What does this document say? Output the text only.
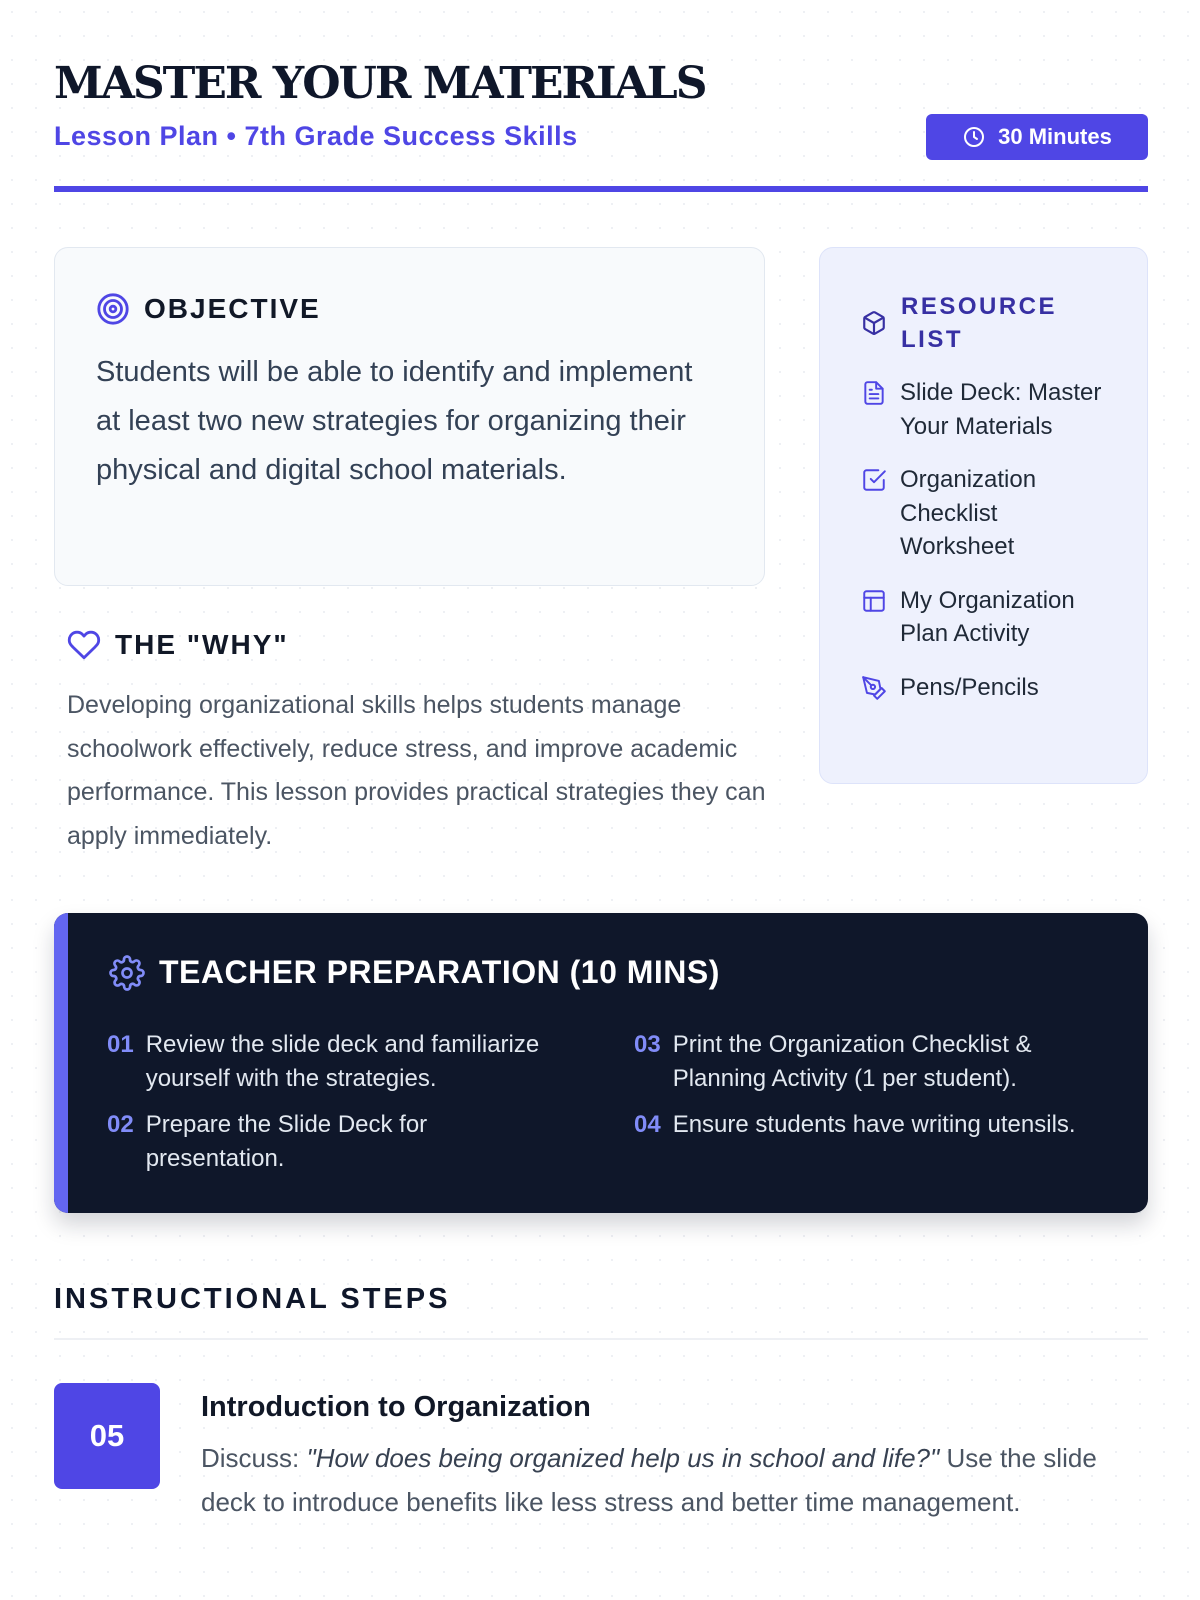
MASTER YOUR MATERIALS
Lesson Plan • 7th Grade Success Skills	30 Minutes
OBJECTIVE

Students will be able to identify and implement at least two new strategies for organizing their physical and digital school materials.

THE "WHY"

Developing organizational skills helps students manage schoolwork effectively, reduce stress, and improve academic performance. This lesson provides practical strategies they can apply immediately.

RESOURCE LIST
Slide Deck: Master Your Materials
Organization Checklist Worksheet
My Organization Plan Activity
Pens/Pencils
TEACHER PREPARATION (10 MINS)
01 Review the slide deck and familiarize yourself with the strategies.
02 Prepare the Slide Deck for presentation.
03 Print the Organization Checklist & Planning Activity (1 per student).
04 Ensure students have writing utensils.
INSTRUCTIONAL STEPS
05
Introduction to Organization

Discuss: "How does being organized help us in school and life?" Use the slide deck to introduce benefits like less stress and better time management.
